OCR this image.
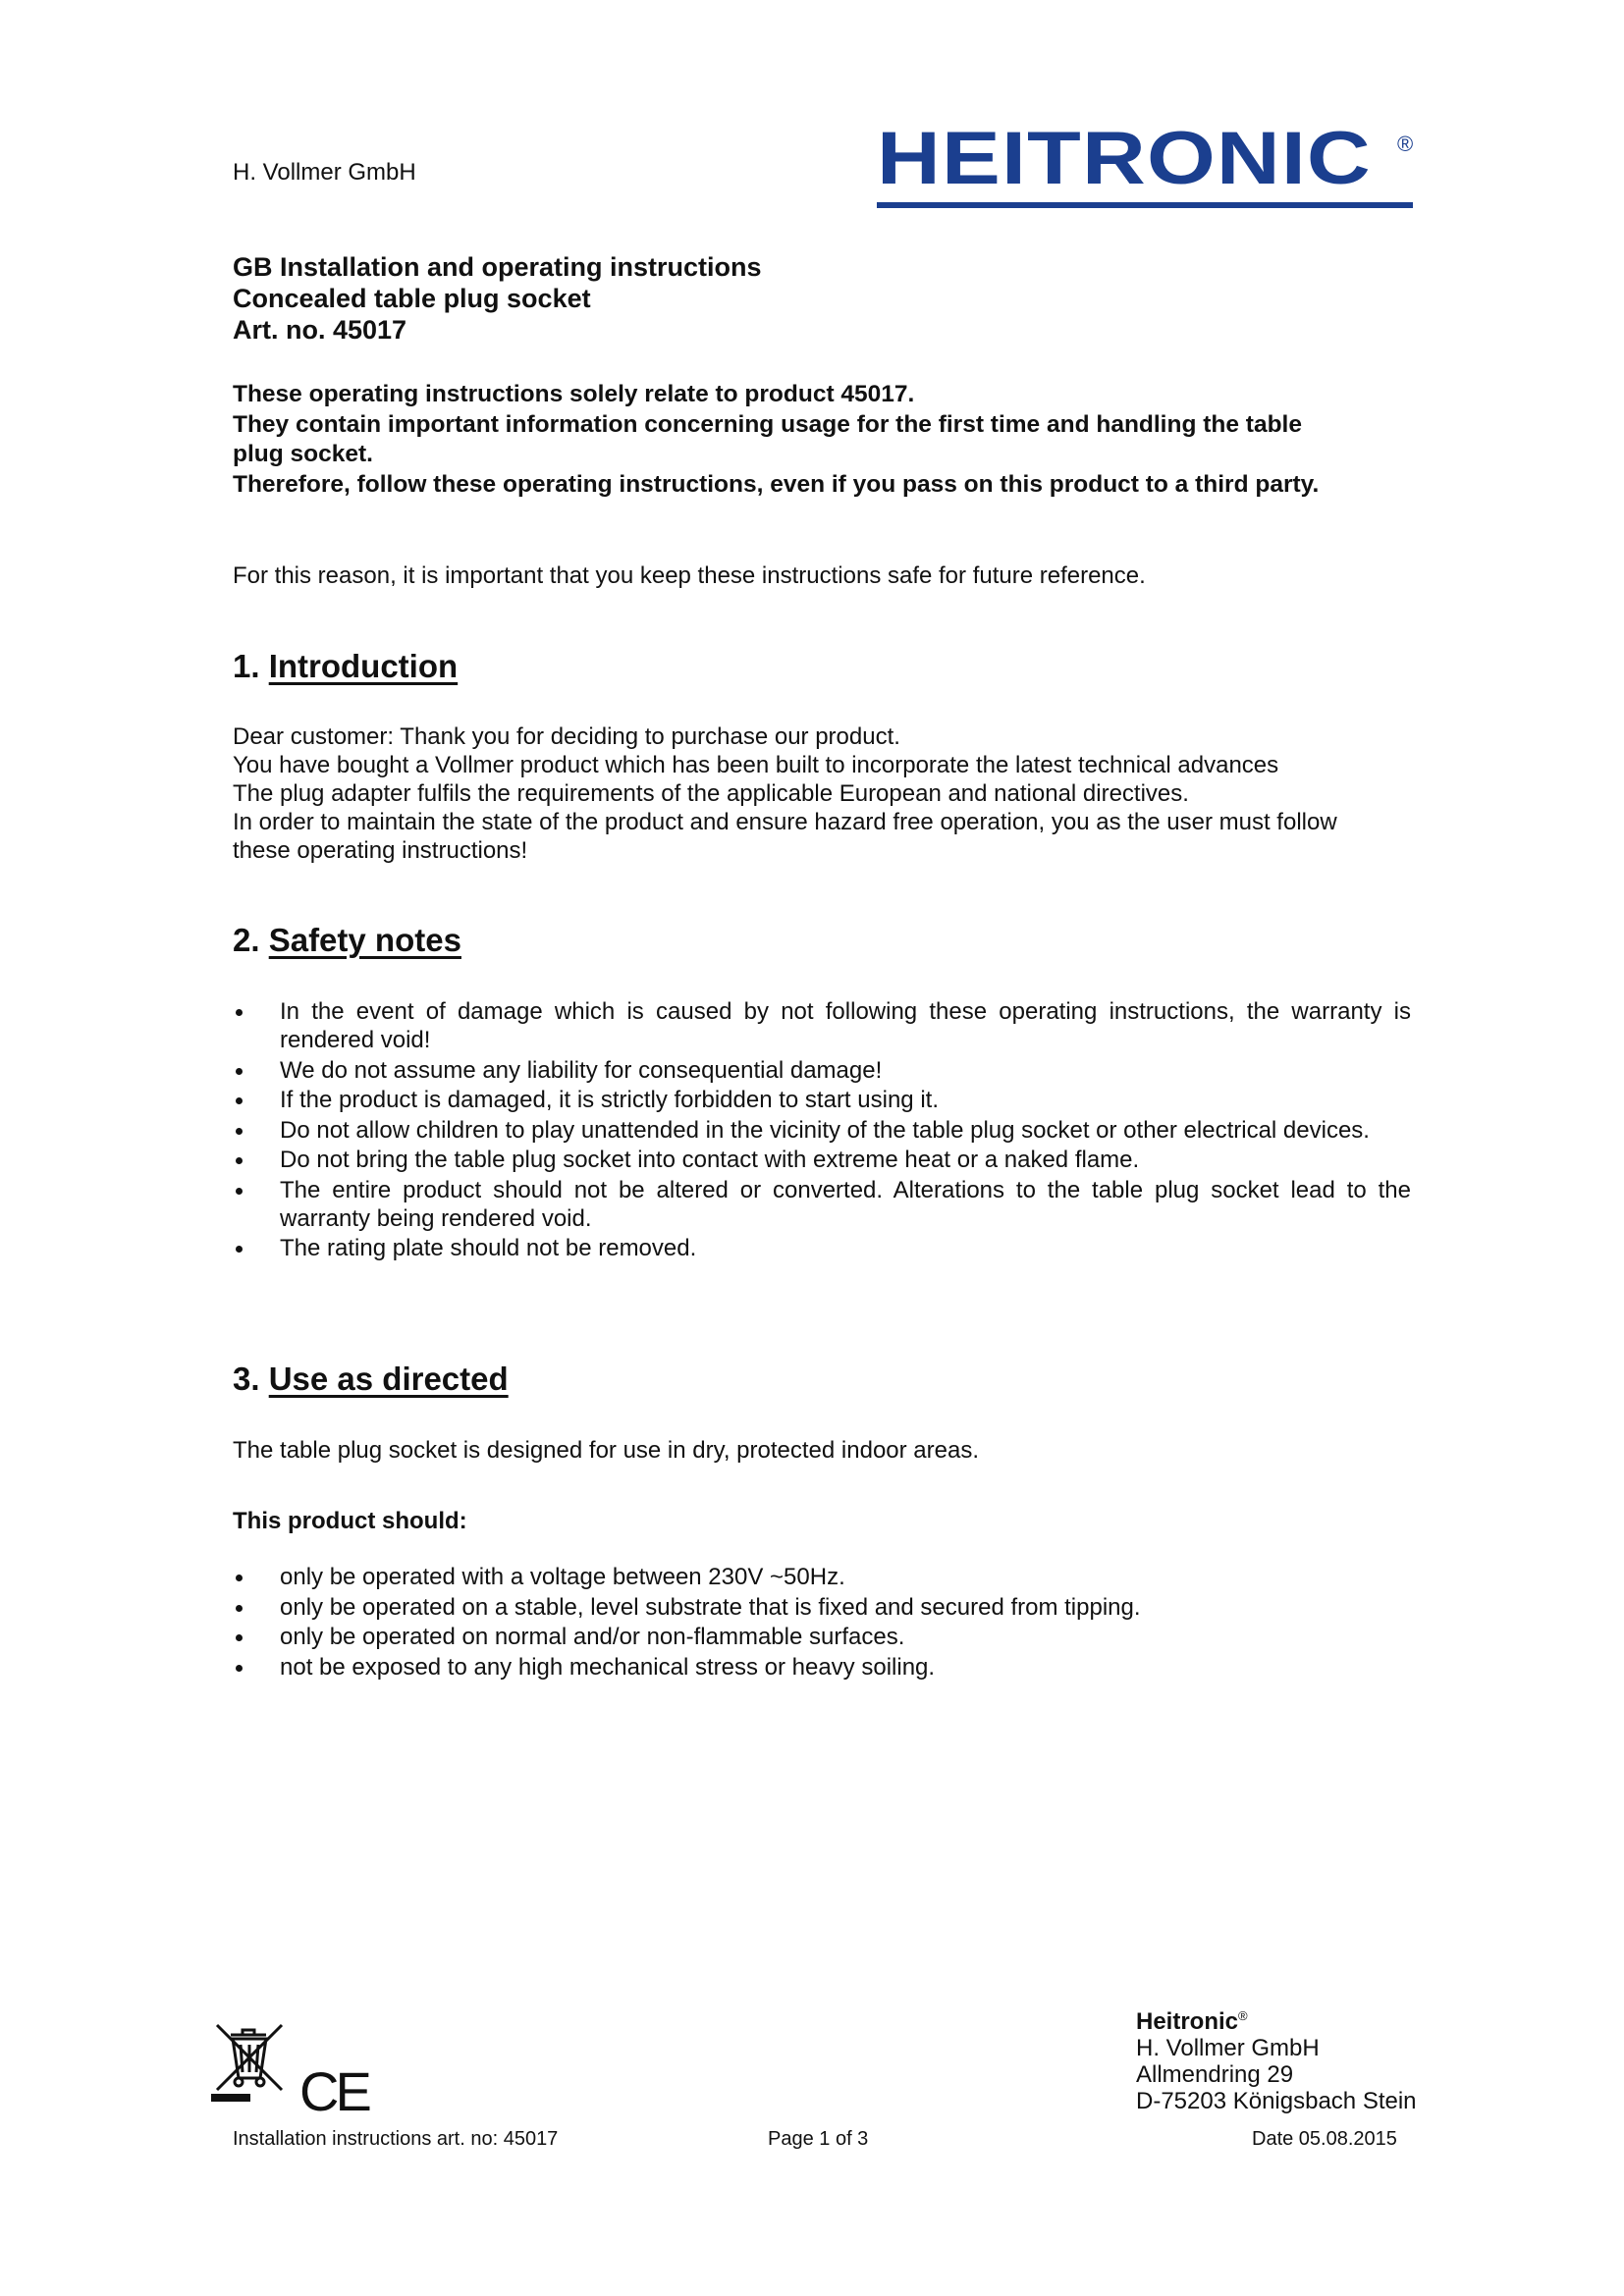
H. Vollmer GmbH	HEITRONIC	®
GB Installation and operating instructions
Concealed table plug socket
Art. no. 45017
These operating instructions solely relate to product 45017.
They contain important information concerning usage for the first time and handling the table
plug socket.
Therefore, follow these operating instructions, even if you pass on this product to a third party.
For this reason, it is important that you keep these instructions safe for future reference.
1. Introduction
Dear customer: Thank you for deciding to purchase our product.
You have bought a Vollmer product which has been built to incorporate the latest technical advances
The plug adapter fulfils the requirements of the applicable European and national directives.
In order to maintain the state of the product and ensure hazard free operation, you as the user must follow
these operating instructions!
2. Safety notes
In the event of damage which is caused by not following these operating instructions, the warranty is rendered void!
We do not assume any liability for consequential damage!
If the product is damaged, it is strictly forbidden to start using it.
Do not allow children to play unattended in the vicinity of the table plug socket or other electrical devices.
Do not bring the table plug socket into contact with extreme heat or a naked flame.
The entire product should not be altered or converted. Alterations to the table plug socket lead to the warranty being rendered void.
The rating plate should not be removed.
3. Use as directed
The table plug socket is designed for use in dry, protected indoor areas.
This product should:
only be operated with a voltage between 230V ~50Hz.
only be operated on a stable, level substrate that is fixed and secured from tipping.
only be operated on normal and/or non-flammable surfaces.
not be exposed to any high mechanical stress or heavy soiling.
CE
Heitronic®
H. Vollmer GmbH
Allmendring 29
D-75203 Königsbach Stein
Installation instructions art. no: 45017	Page 1 of 3	Date 05.08.2015
